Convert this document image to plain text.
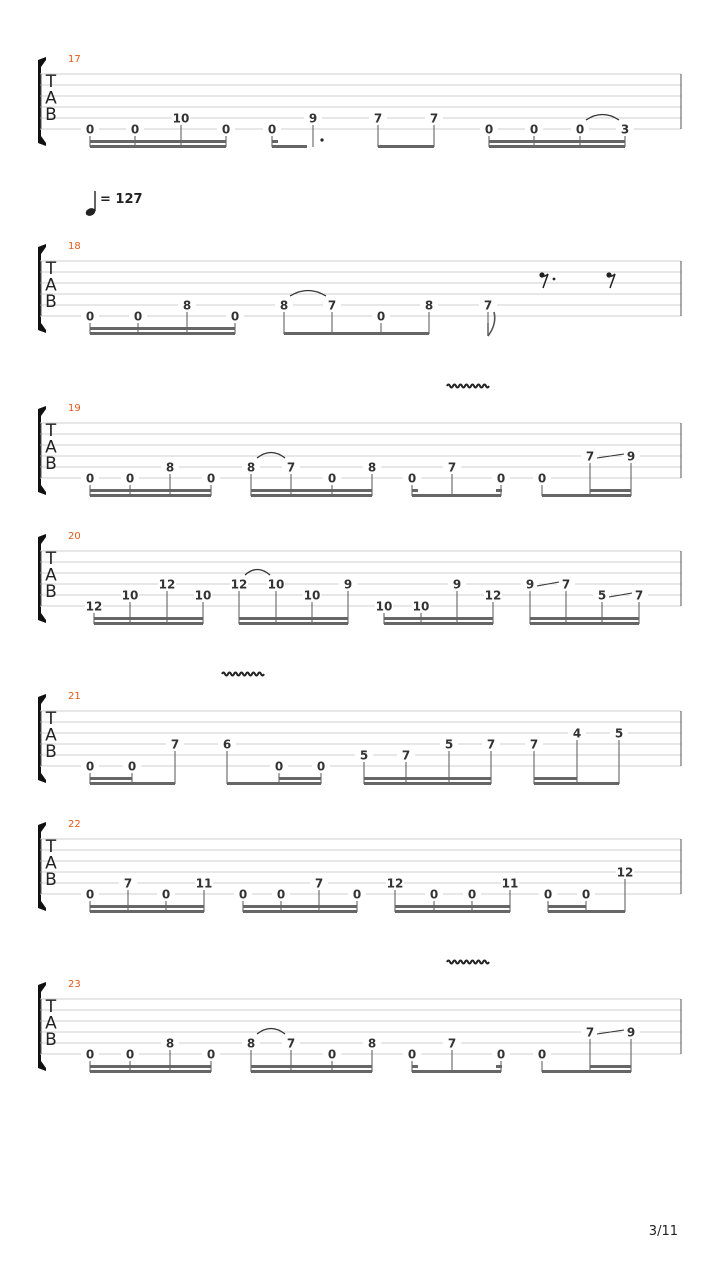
17
T
A
B
0	0
10
0	0
9	7	7
0	0	0	3
18
T
A
B
0	0
8
0
8	7
0
8	7
19
T
A
B
0	0
8
0
8	7
0
8
0
7
0	0
7	9
20
T
A
B
12
10
12
10
12 10
10
9
10 10
9
12
9 7
5 7
21
T
A
B
0	0
7	6
0	0
5	7
5	7	7
4	5
22
T
A
B
0
7
0
11
0 0
7
0
12
0 0
11
0 0
12
23
T
A
B
0	0
8
0
8	7
0
8
0
7
0	0
7	9
= 127
3/11
